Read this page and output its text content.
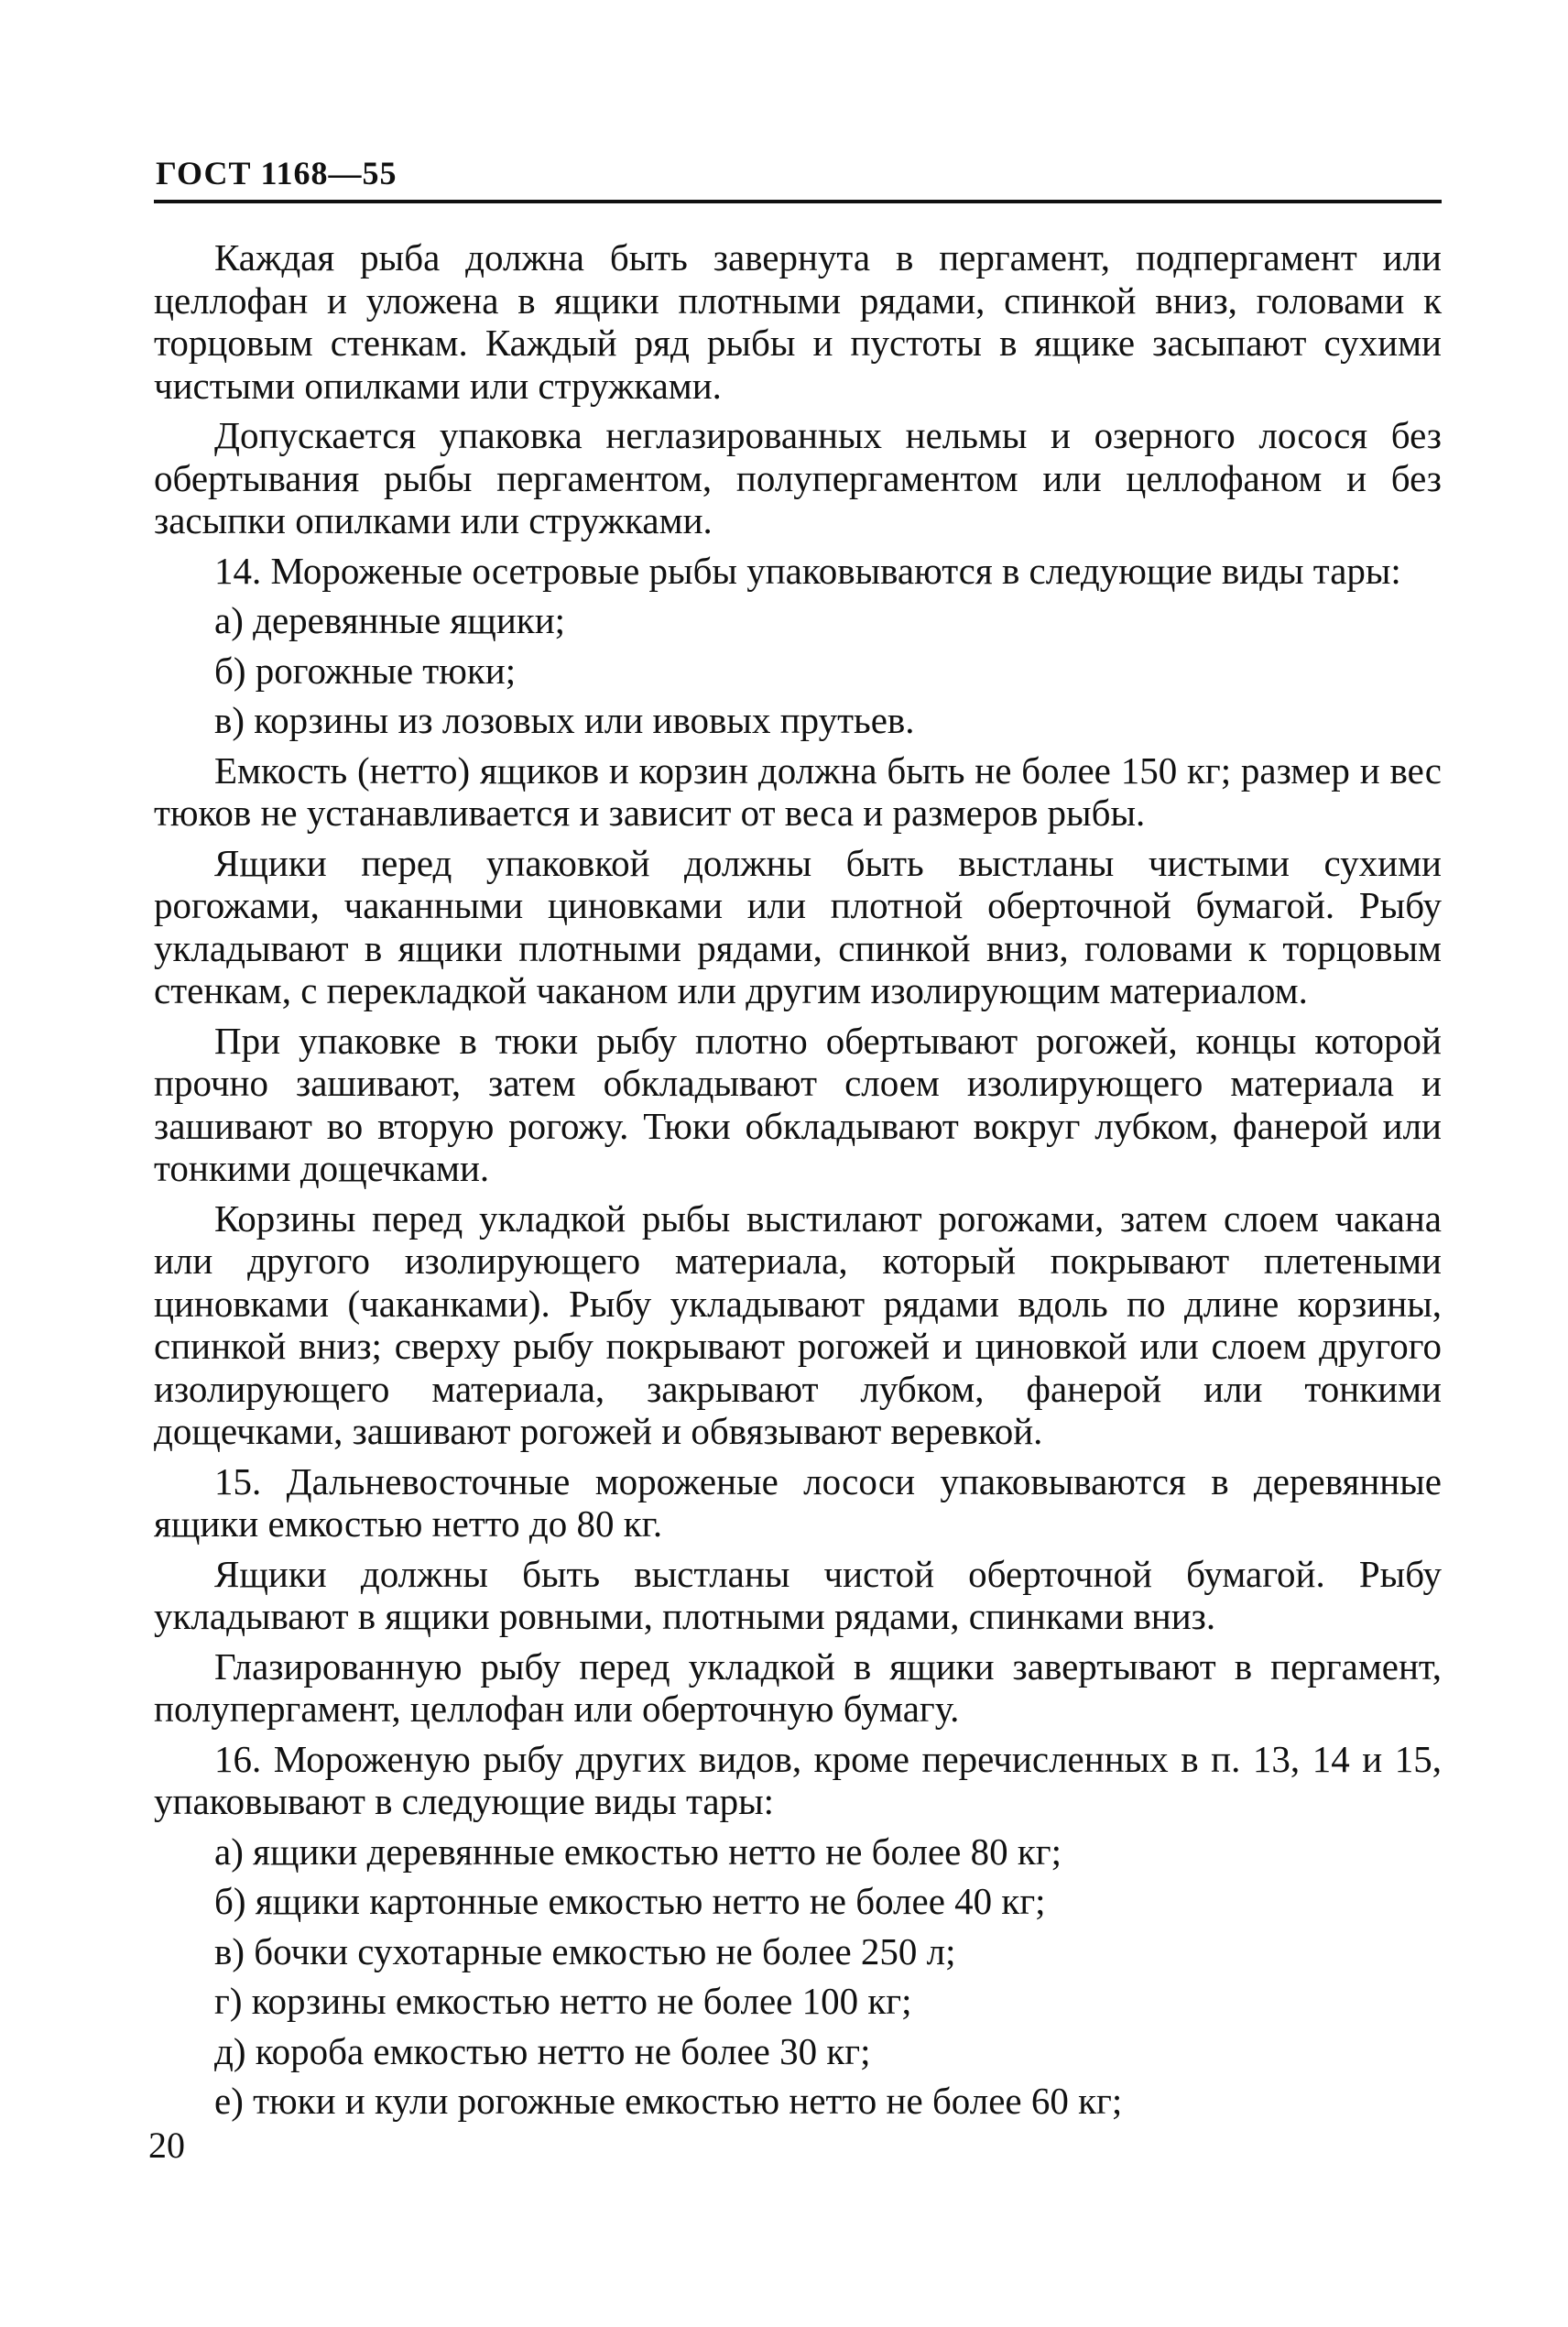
ГОСТ 1168—55

Каждая рыба должна быть завернута в пергамент, подпергамент или целлофан и уложена в ящики плотными рядами, спинкой вниз, головами к торцовым стенкам. Каждый ряд рыбы и пустоты в ящике засыпают сухими чистыми опилками или стружками.

Допускается упаковка неглазированных нельмы и озерного лосося без обертывания рыбы пергаментом, полупергаментом или целлофаном и без засыпки опилками или стружками.

14. Мороженые осетровые рыбы упаковываются в следующие виды тары:

а) деревянные ящики;

б) рогожные тюки;

в) корзины из лозовых или ивовых прутьев.

Емкость (нетто) ящиков и корзин должна быть не более 150 кг; размер и вес тюков не устанавливается и зависит от веса и размеров рыбы.

Ящики перед упаковкой должны быть выстланы чистыми сухими рогожами, чаканными циновками или плотной оберточной бумагой. Рыбу укладывают в ящики плотными рядами, спинкой вниз, головами к торцовым стенкам, с перекладкой чаканом или другим изолирующим материалом.

При упаковке в тюки рыбу плотно обертывают рогожей, концы которой прочно зашивают, затем обкладывают слоем изолирующего материала и зашивают во вторую рогожу. Тюки обкладывают вокруг лубком, фанерой или тонкими дощечками.

Корзины перед укладкой рыбы выстилают рогожами, затем слоем чакана или другого изолирующего материала, который покрывают плетеными циновками (чаканками). Рыбу укладывают рядами вдоль по длине корзины, спинкой вниз; сверху рыбу покрывают рогожей и циновкой или слоем другого изолирующего материала, закрывают лубком, фанерой или тонкими дощечками, зашивают рогожей и обвязывают веревкой.

15. Дальневосточные мороженые лососи упаковываются в деревянные ящики емкостью нетто до 80 кг.

Ящики должны быть выстланы чистой оберточной бумагой. Рыбу укладывают в ящики ровными, плотными рядами, спинками вниз.

Глазированную рыбу перед укладкой в ящики завертывают в пергамент, полупергамент, целлофан или оберточную бумагу.

16. Мороженую рыбу других видов, кроме перечисленных в п. 13, 14 и 15, упаковывают в следующие виды тары:

а) ящики деревянные емкостью нетто не более 80 кг;

б) ящики картонные емкостью нетто не более 40 кг;

в) бочки сухотарные емкостью не более 250 л;

г) корзины емкостью нетто не более 100 кг;

д) короба емкостью нетто не более 30 кг;

е) тюки и кули рогожные емкостью нетто не более 60 кг;

20
